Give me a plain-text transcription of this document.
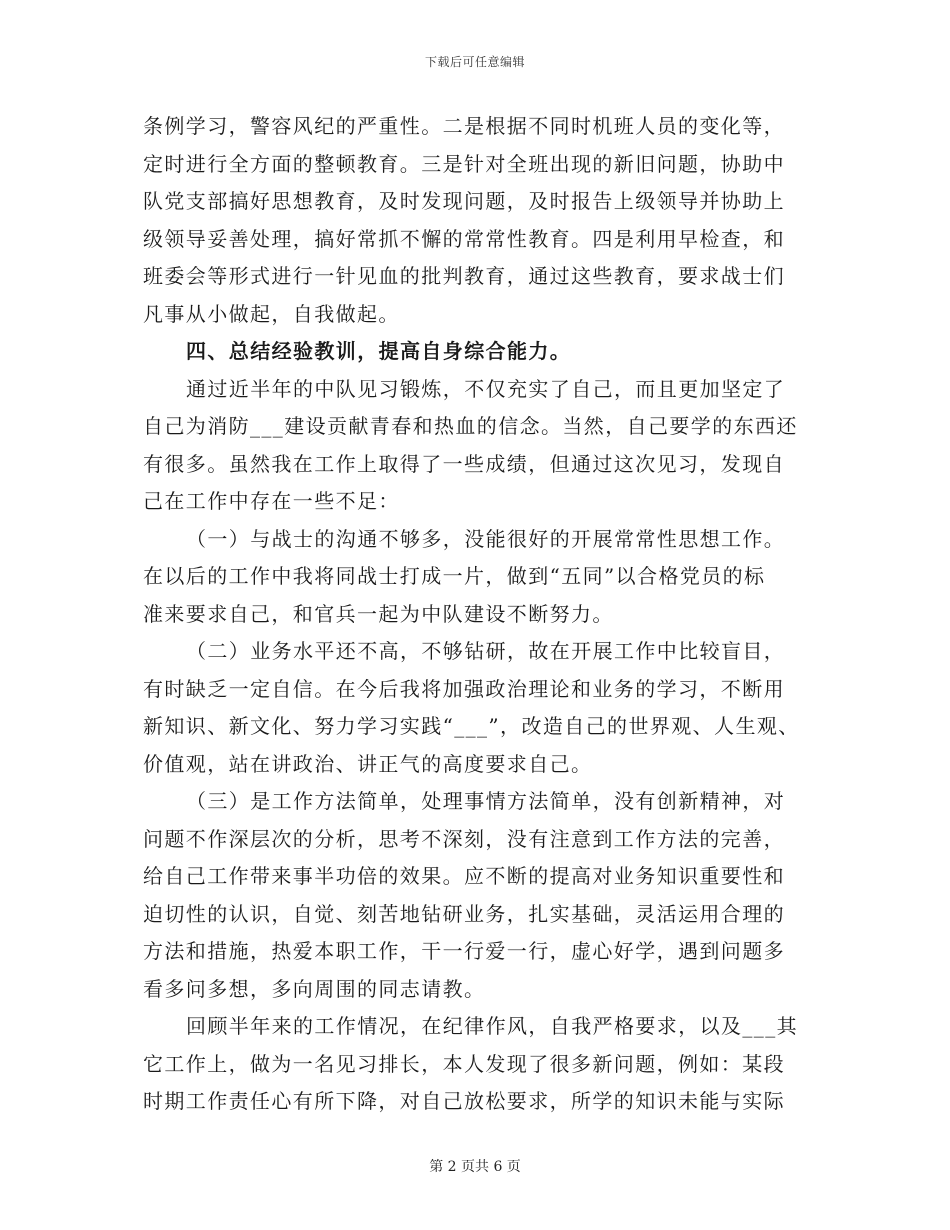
下载后可任意编辑
条例学习，警容风纪的严重性。二是根据不同时机班人员的变化等，
定时进行全方面的整顿教育。三是针对全班出现的新旧问题，协助中
队党支部搞好思想教育，及时发现问题，及时报告上级领导并协助上
级领导妥善处理，搞好常抓不懈的常常性教育。四是利用早检查，和
班委会等形式进行一针见血的批判教育，通过这些教育，要求战士们
凡事从小做起，自我做起。
四、总结经验教训，提高自身综合能力。
通过近半年的中队见习锻炼，不仅充实了自己，而且更加坚定了
自己为消防___建设贡献青春和热血的信念。当然，自己要学的东西还
有很多。虽然我在工作上取得了一些成绩，但通过这次见习，发现自
己在工作中存在一些不足：
（一）与战士的沟通不够多，没能很好的开展常常性思想工作。
在以后的工作中我将同战士打成一片，做到“五同”以合格党员的标
准来要求自己，和官兵一起为中队建设不断努力。
（二）业务水平还不高，不够钻研，故在开展工作中比较盲目，
有时缺乏一定自信。在今后我将加强政治理论和业务的学习，不断用
新知识、新文化、努力学习实践“___”，改造自己的世界观、人生观、
价值观，站在讲政治、讲正气的高度要求自己。
（三）是工作方法简单，处理事情方法简单，没有创新精神，对
问题不作深层次的分析，思考不深刻，没有注意到工作方法的完善，
给自己工作带来事半功倍的效果。应不断的提高对业务知识重要性和
迫切性的认识，自觉、刻苦地钻研业务，扎实基础，灵活运用合理的
方法和措施，热爱本职工作，干一行爱一行，虚心好学，遇到问题多
看多问多想，多向周围的同志请教。
回顾半年来的工作情况，在纪律作风，自我严格要求，以及___其
它工作上，做为一名见习排长，本人发现了很多新问题，例如：某段
时期工作责任心有所下降，对自己放松要求，所学的知识未能与实际
第 2 页共 6 页
